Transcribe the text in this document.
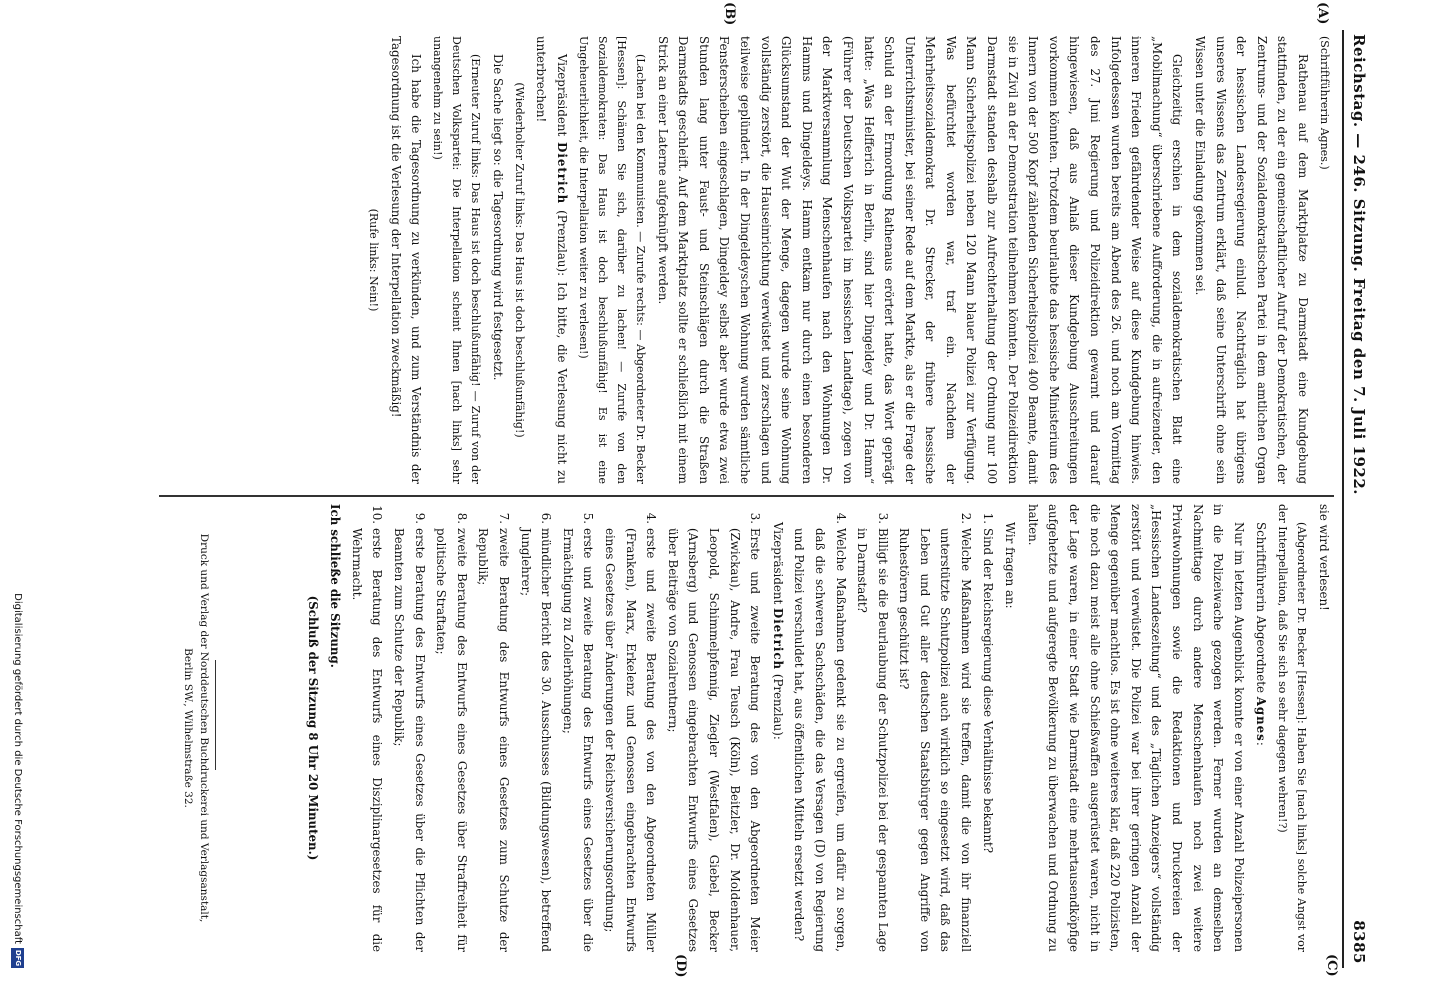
Reichstag. — 246. Sitzung. Freitag den 7. Juli 1922.
8385
(A)
(B)
(C)
(D)

(Schriftführerin Agnes.)

Rathenau auf dem Marktplatze zu Darmstadt eine Kundgebung stattfinden, zu der ein gemeinschaftlicher Aufruf der Demokratischen, der Zentrums- und der Sozialdemokratischen Partei in dem amtlichen Organ der hessischen Landesregierung einlud. Nachträglich hat übrigens unseres Wissens das Zentrum erklärt, daß seine Unterschrift ohne sein Wissen unter die Einladung gekommen sei.

Gleichzeitig erschien in dem sozialdemokratischen Blatt eine „Mobilmachung“ überschriebene Aufforderung, die in aufreizender, den inneren Frieden gefährdender Weise auf diese Kundgebung hinwies. Infolgedessen wurden bereits am Abend des 26. und noch am Vormittag des 27. Juni Regierung und Polizeidirektion gewarnt und darauf hingewiesen, daß aus Anlaß dieser Kundgebung Ausschreitungen vorkommen könnten. Trotzdem beurlaubte das hessische Ministerium des Innern von der 500 Kopf zählenden Sicherheitspolizei 400 Beamte, damit sie in Zivil an der Demonstration teilnehmen könnten. Der Polizeidirektion Darmstadt standen deshalb zur Aufrechterhaltung der Ordnung nur 100 Mann Sicherheitspolizei neben 120 Mann blauer Polizei zur Verfügung. Was befürchtet worden war, traf ein. Nachdem der Mehrheitssozialdemokrat Dr. Strecker, der frühere hessische Unterrichtsminister, bei seiner Rede auf dem Markte, als er die Frage der Schuld an der Ermordung Rathenaus erörtert hatte, das Wort geprägt hatte: „Was Helfferich in Berlin, sind hier Dingeldey und Dr. Hamm“ (Führer der Deutschen Volkspartei im hessischen Landtage), zogen von der Marktversammlung Menschenhaufen nach den Wohnungen Dr. Hamms und Dingeldeys. Hamm entkam nur durch einen besonderen Glücksumstand der Wut der Menge, dagegen wurde seine Wohnung vollständig zerstört, die Hauseinrichtung verwüstet und zerschlagen und teilweise geplündert. In der Dingeldeyschen Wohnung wurden sämtliche Fensterscheiben eingeschlagen, Dingeldey selbst aber wurde etwa zwei Stunden lang unter Faust- und Steinschlägen durch die Straßen Darmstadts geschleift. Auf dem Marktplatz sollte er schließlich mit einem Strick an einer Laterne aufgeknüpft werden.

(Lachen bei den Kommunisten. — Zurufe rechts: — Abgeordneter Dr. Becker [Hessen]: Schämen Sie sich, darüber zu lachen! — Zurufe von den Sozialdemokraten: Das Haus ist doch beschlußunfähig! Es ist eine Ungeheuerlichkeit, die Interpellation weiter zu verlesen!)

Vizepräsident Dietrich (Prenzlau): Ich bitte, die Verlesung nicht zu unterbrechen!

(Wiederholter Zuruf links: Das Haus ist doch beschlußunfähig!)

Die Sache liegt so: die Tagesordnung wird festgesetzt.

(Erneuter Zuruf links: Das Haus ist doch beschlußunfähig! — Zuruf von der Deutschen Volkspartei: Die Interpellation scheint Ihnen [nach links] sehr unangenehm zu sein!)

Ich habe die Tagesordnung zu verkünden, und zum Verständnis der Tagesordnung ist die Verlesung der Interpellation zweckmäßig!

(Rufe links: Nein!)

sie wird verlesen!

(Abgeordneter Dr. Becker [Hessen]: Haben Sie [nach links] solche Angst vor der Interpellation, daß Sie sich so sehr dagegen wehren!?)

Schriftführerin Abgeordnete Agnes:

Nur im letzten Augenblick konnte er von einer Anzahl Polizeipersonen in die Polizeiwache gezogen werden. Ferner wurden an demselben Nachmittage durch andere Menschenhaufen noch zwei weitere Privatwohnungen sowie die Redaktionen und Druckereien der „Hessischen Landeszeitung“ und des „Täglichen Anzeigers“ vollständig zerstört und verwüstet. Die Polizei war bei ihrer geringen Anzahl der Menge gegenüber machtlos. Es ist ohne weiteres klar, daß 220 Polizisten, die noch dazu meist alle ohne Schießwaffen ausgerüstet waren, nicht in der Lage waren, in einer Stadt wie Darmstadt eine mehrtausendköpfige aufgehetzte und aufgeregte Bevölkerung zu überwachen und Ordnung zu halten.

Wir fragen an:

1.
Sind der Reichsregierung diese Verhältnisse bekannt?
2.
Welche Maßnahmen wird sie treffen, damit die von ihr finanziell unterstützte Schutzpolizei auch wirklich so eingesetzt wird, daß das Leben und Gut aller deutschen Staatsbürger gegen Angriffe von Ruhestörern geschützt ist?
3.
Billigt sie die Beurlaubung der Schutzpolizei bei der gespannten Lage in Darmstadt?
4.
Welche Maßnahmen gedenkt sie zu ergreifen, um dafür zu sorgen, daß die schweren Sachschäden, die das Versagen (D) von Regierung und Polizei verschuldet hat, aus öffentlichen Mitteln ersetzt werden?

Vizepräsident Dietrich (Prenzlau):

3.
Erste und zweite Beratung des von den Abgeordneten Meier (Zwickau), Andre, Frau Teusch (Köln), Beitzler, Dr. Moldenhauer, Leopold, Schimmelpfennig, Ziegler (Westfalen), Giebel, Becker (Arnsberg) und Genossen eingebrachten Entwurfs eines Gesetzes über Beiträge von Sozialrentnern;
4.
erste und zweite Beratung des von den Abgeordneten Müller (Franken), Marx, Erkelenz und Genossen eingebrachten Entwurfs eines Gesetzes über Änderungen der Reichsversicherungsordnung;
5.
erste und zweite Beratung des Entwurfs eines Gesetzes über die Ermächtigung zu Zollerhöhungen;
6.
mündlicher Bericht des 30. Ausschusses (Bildungswesen), betreffend Junglehrer;
7.
zweite Beratung des Entwurfs eines Gesetzes zum Schutze der Republik;
8.
zweite Beratung des Entwurfs eines Gesetzes über Straffreiheit für politische Straftaten;
9.
erste Beratung des Entwurfs eines Gesetzes über die Pflichten der Beamten zum Schutze der Republik;
10.
erste Beratung des Entwurfs eines Disziplinargesetzes für die Wehrmacht.

Ich schließe die Sitzung.

(Schluß der Sitzung 8 Uhr 20 Minuten.)

Druck und Verlag der Norddeutschen Buchdruckerei und Verlagsanstalt,
Berlin SW., Wilhelmstraße 32.
Digitalisierung gefördert durch die Deutsche Forschungsgemeinschaft
DFG
